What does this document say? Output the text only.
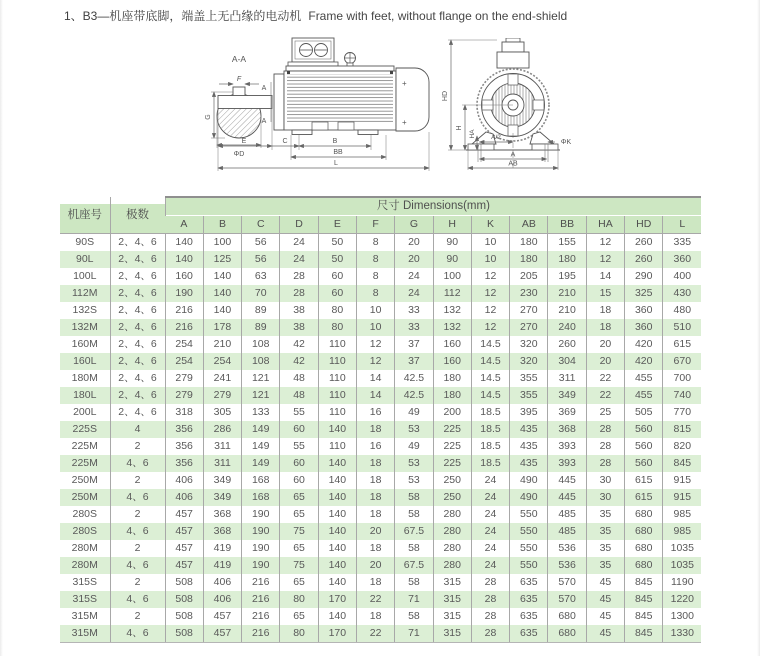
1、B3—机座带底脚，端盖上无凸缘的电动机 Frame with feet, without flange on the end-shield
A-A
F
G
ΦD
A
A
+
+
E	C	B
BB
L
HD
H
HA A/2
ΦK
A
AB
机座号	极数	尺寸 Dimensions(mm)													
		A	B	C	D	E	F	G	H	K	AB	BB	HA	HD	L
90S	2、4、6	140	100	56	24	50	8	20	90	10	180	155	12	260	335
90L	2、4、6	140	125	56	24	50	8	20	90	10	180	180	12	260	360
100L	2、4、6	160	140	63	28	60	8	24	100	12	205	195	14	290	400
112M	2、4、6	190	140	70	28	60	8	24	112	12	230	210	15	325	430
132S	2、4、6	216	140	89	38	80	10	33	132	12	270	210	18	360	480
132M	2、4、6	216	178	89	38	80	10	33	132	12	270	240	18	360	510
160M	2、4、6	254	210	108	42	110	12	37	160	14.5	320	260	20	420	615
160L	2、4、6	254	254	108	42	110	12	37	160	14.5	320	304	20	420	670
180M	2、4、6	279	241	121	48	110	14	42.5	180	14.5	355	311	22	455	700
180L	2、4、6	279	279	121	48	110	14	42.5	180	14.5	355	349	22	455	740
200L	2、4、6	318	305	133	55	110	16	49	200	18.5	395	369	25	505	770
225S	4	356	286	149	60	140	18	53	225	18.5	435	368	28	560	815
225M	2	356	311	149	55	110	16	49	225	18.5	435	393	28	560	820
225M	4、6	356	311	149	60	140	18	53	225	18.5	435	393	28	560	845
250M	2	406	349	168	60	140	18	53	250	24	490	445	30	615	915
250M	4、6	406	349	168	65	140	18	58	250	24	490	445	30	615	915
280S	2	457	368	190	65	140	18	58	280	24	550	485	35	680	985
280S	4、6	457	368	190	75	140	20	67.5	280	24	550	485	35	680	985
280M	2	457	419	190	65	140	18	58	280	24	550	536	35	680	1035
280M	4、6	457	419	190	75	140	20	67.5	280	24	550	536	35	680	1035
315S	2	508	406	216	65	140	18	58	315	28	635	570	45	845	1190
315S	4、6	508	406	216	80	170	22	71	315	28	635	570	45	845	1220
315M	2	508	457	216	65	140	18	58	315	28	635	680	45	845	1300
315M	4、6	508	457	216	80	170	22	71	315	28	635	680	45	845	1330
